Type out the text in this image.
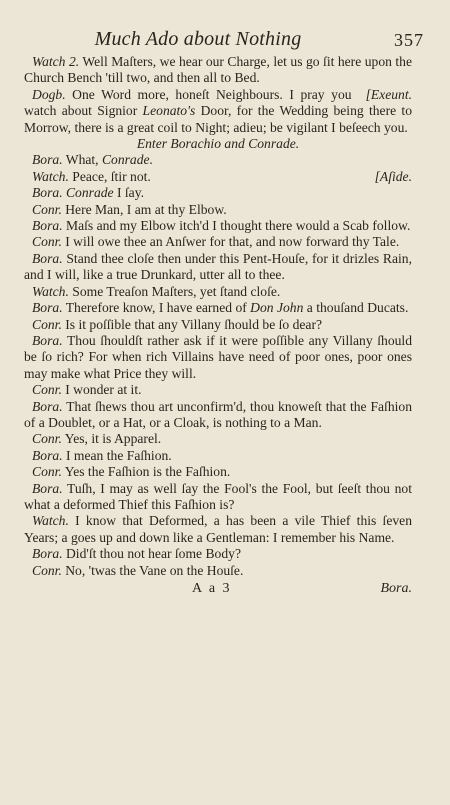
Much Ado about Nothing	357

Watch 2. Well Maſters, we hear our Charge, let us go ſit here upon the Church Bench 'till two, and then all to Bed.

[Exeunt.
Dogb. One Word more, honeſt Neighbours. I pray you watch about Signior Leonato's Door, for the Wedding being there to Morrow, there is a great coil to Night; adieu; be vigilant I beſeech you.

Enter Borachio and Conrade.

Bora. What, Conrade.

[Aſide.
Watch. Peace, ſtir not.

Bora. Conrade I ſay.

Conr. Here Man, I am at thy Elbow.

Bora. Maſs and my Elbow itch'd I thought there would a Scab follow.

Conr. I will owe thee an Anſwer for that, and now forward thy Tale.

Bora. Stand thee cloſe then under this Pent-Houſe, for it drizles Rain, and I will, like a true Drunkard, utter all to thee.

Watch. Some Treaſon Maſters, yet ſtand cloſe.

Bora. Therefore know, I have earned of Don John a thouſand Ducats.

Conr. Is it poſſible that any Villany ſhould be ſo dear?

Bora. Thou ſhouldſt rather ask if it were poſſible any Villany ſhould be ſo rich? For when rich Villains have need of poor ones, poor ones may make what Price they will.

Conr. I wonder at it.

Bora. That ſhews thou art unconfirm'd, thou knoweſt that the Faſhion of a Doublet, or a Hat, or a Cloak, is nothing to a Man.

Conr. Yes, it is Apparel.

Bora. I mean the Faſhion.

Conr. Yes the Faſhion is the Faſhion.

Bora. Tuſh, I may as well ſay the Fool's the Fool, but ſeeſt thou not what a deformed Thief this Faſhion is?

Watch. I know that Deformed, a has been a vile Thief this ſeven Years; a goes up and down like a Gentleman: I remember his Name.

Bora. Did'ſt thou not hear ſome Body?

Conr. No, 'twas the Vane on the Houſe.

A a 3	Bora.
